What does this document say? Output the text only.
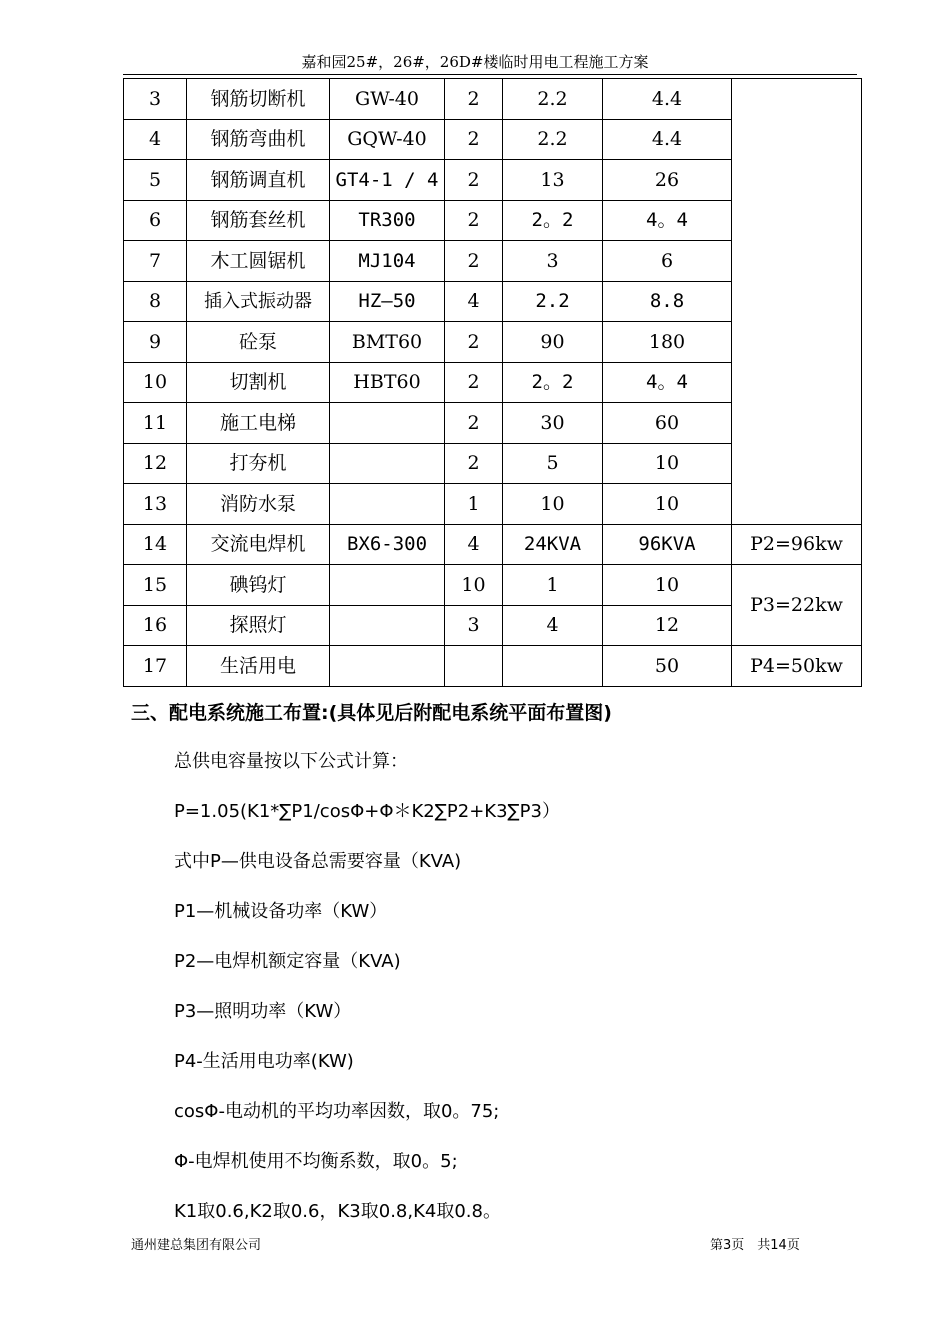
嘉和园25#，26#，26D#楼临时用电工程施工方案
3	钢筋切断机	GW-40	2	2.2	4.4	
4	钢筋弯曲机	GQW-40	2	2.2	4.4	
5	钢筋调直机	GT4-1 / 4	2	13	26	
6	钢筋套丝机	TR300	2	2。2	4。4	
7	木工圆锯机	MJ104	2	3	6	
8	插入式振动器	HZ—50	4	2.2	8.8	
9	砼泵	BMT60	2	90	180	
10	切割机	HBT60	2	2。2	4。4	
11	施工电梯		2	30	60	
12	打夯机		2	5	10	
13	消防水泵		1	10	10	
14	交流电焊机	BX6-300	4	24KVA	96KVA	P2=96kw
15	碘钨灯		10	1	10	P3=22kw
16	探照灯		3	4	12	
17	生活用电				50	P4=50kw
三、配电系统施工布置:(具体见后附配电系统平面布置图)
总供电容量按以下公式计算：
P=1.05(K1*∑P1/cosΦ+Φ＊K2∑P2+K3∑P3）
式中P—供电设备总需要容量（KVA)
P1—机械设备功率（KW）
P2—电焊机额定容量（KVA)
P3—照明功率（KW）
P4-生活用电功率(KW)
cosΦ-电动机的平均功率因数，取0。75;
Φ-电焊机使用不均衡系数，取0。5;
K1取0.6,K2取0.6，K3取0.8,K4取0.8。
通州建总集团有限公司	第3页　共14页
